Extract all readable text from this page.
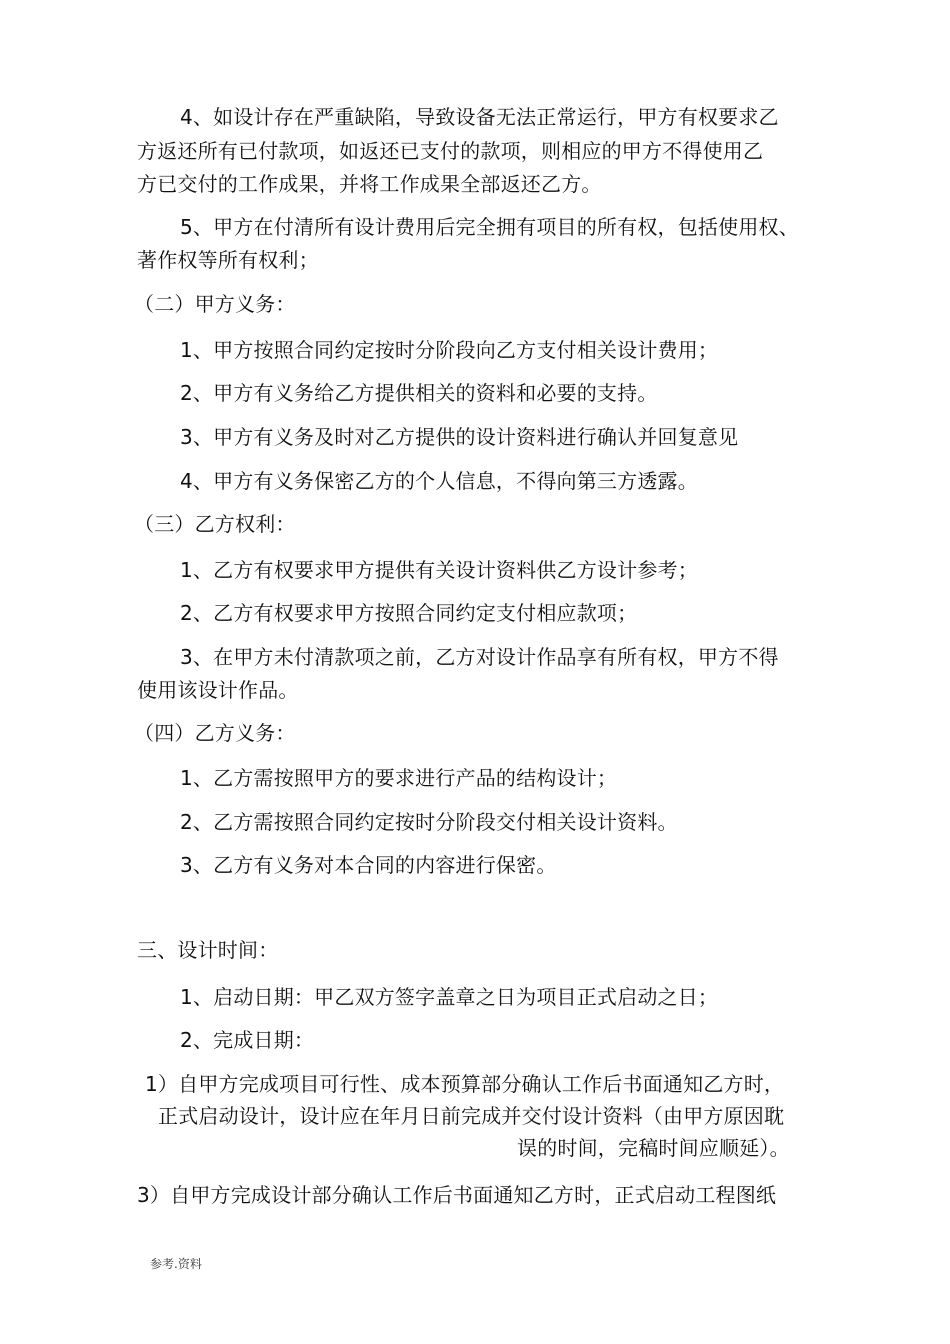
4、如设计存在严重缺陷，导致设备无法正常运行，甲方有权要求乙
方返还所有已付款项，如返还已支付的款项，则相应的甲方不得使用乙
方已交付的工作成果，并将工作成果全部返还乙方。
5、甲方在付清所有设计费用后完全拥有项目的所有权，包括使用权、
著作权等所有权利；
（二）甲方义务：
1、甲方按照合同约定按时分阶段向乙方支付相关设计费用；
2、甲方有义务给乙方提供相关的资料和必要的支持。
3、甲方有义务及时对乙方提供的设计资料进行确认并回复意见
4、甲方有义务保密乙方的个人信息，不得向第三方透露。
（三）乙方权利：
1、乙方有权要求甲方提供有关设计资料供乙方设计参考；
2、乙方有权要求甲方按照合同约定支付相应款项；
3、在甲方未付清款项之前，乙方对设计作品享有所有权，甲方不得
使用该设计作品。
（四）乙方义务：
1、乙方需按照甲方的要求进行产品的结构设计；
2、乙方需按照合同约定按时分阶段交付相关设计资料。
3、乙方有义务对本合同的内容进行保密。
三、设计时间：
1、启动日期：甲乙双方签字盖章之日为项目正式启动之日；
2、完成日期：
1）自甲方完成项目可行性、成本预算部分确认工作后书面通知乙方时，
正式启动设计，设计应在年月日前完成并交付设计资料（由甲方原因耽
误的时间，完稿时间应顺延）。
3）自甲方完成设计部分确认工作后书面通知乙方时，正式启动工程图纸
参考.资料
